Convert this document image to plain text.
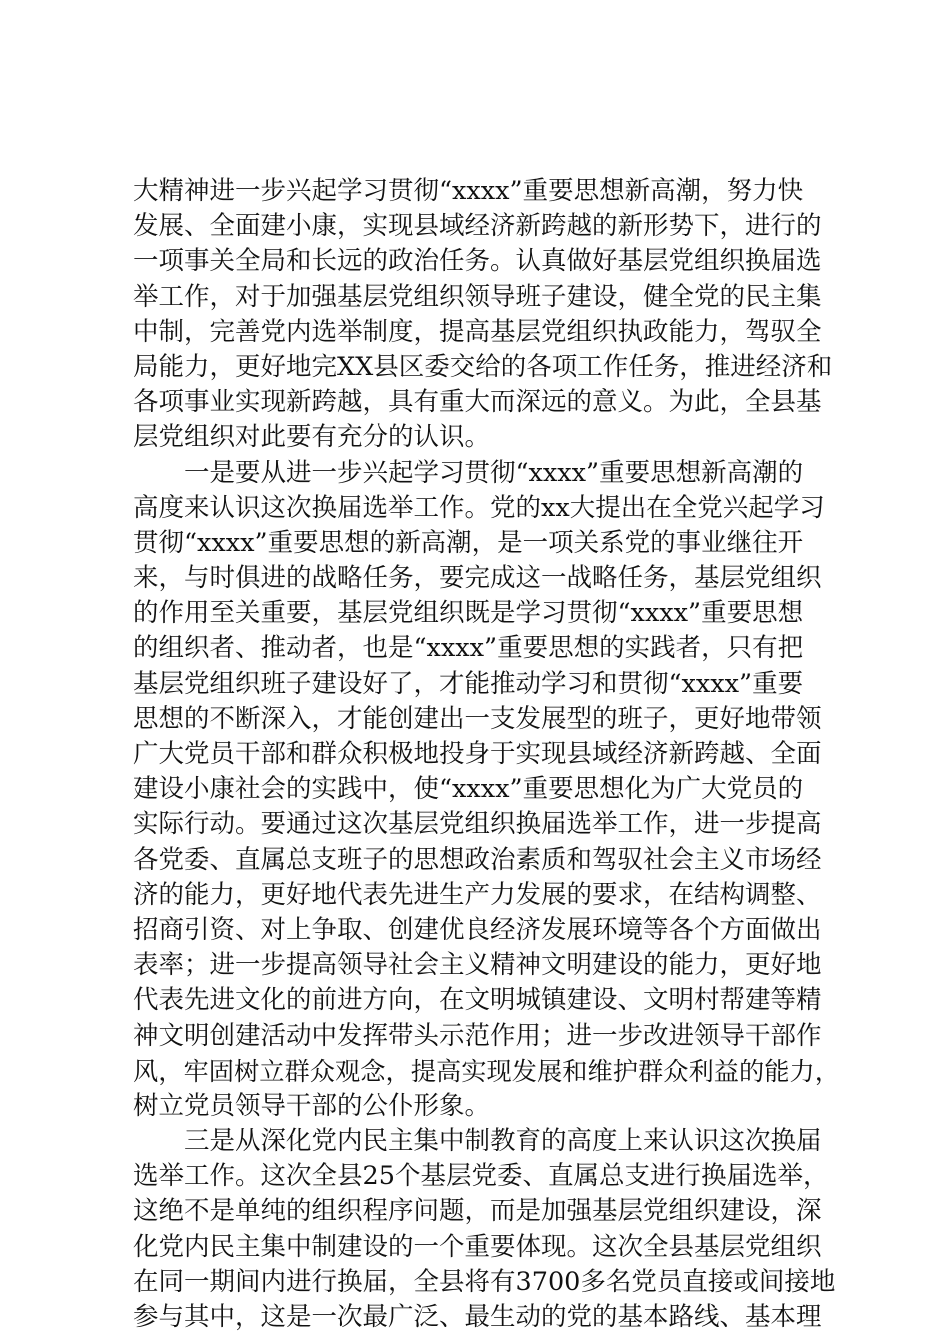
大精神进一步兴起学习贯彻“xxxx”重要思想新高潮，努力快
发展、全面建小康，实现县域经济新跨越的新形势下，进行的
一项事关全局和长远的政治任务。认真做好基层党组织换届选
举工作，对于加强基层党组织领导班子建设，健全党的民主集
中制，完善党内选举制度，提高基层党组织执政能力，驾驭全
局能力，更好地完XX县区委交给的各项工作任务，推进经济和
各项事业实现新跨越，具有重大而深远的意义。为此，全县基
层党组织对此要有充分的认识。
　　一是要从进一步兴起学习贯彻“xxxx”重要思想新高潮的
高度来认识这次换届选举工作。党的xx大提出在全党兴起学习
贯彻“xxxx”重要思想的新高潮，是一项关系党的事业继往开
来，与时俱进的战略任务，要完成这一战略任务，基层党组织
的作用至关重要，基层党组织既是学习贯彻“xxxx”重要思想
的组织者、推动者，也是“xxxx”重要思想的实践者，只有把
基层党组织班子建设好了，才能推动学习和贯彻“xxxx”重要
思想的不断深入，才能创建出一支发展型的班子，更好地带领
广大党员干部和群众积极地投身于实现县域经济新跨越、全面
建设小康社会的实践中，使“xxxx”重要思想化为广大党员的
实际行动。要通过这次基层党组织换届选举工作，进一步提高
各党委、直属总支班子的思想政治素质和驾驭社会主义市场经
济的能力，更好地代表先进生产力发展的要求，在结构调整、
招商引资、对上争取、创建优良经济发展环境等各个方面做出
表率；进一步提高领导社会主义精神文明建设的能力，更好地
代表先进文化的前进方向，在文明城镇建设、文明村帮建等精
神文明创建活动中发挥带头示范作用；进一步改进领导干部作
风，牢固树立群众观念，提高实现发展和维护群众利益的能力，
树立党员领导干部的公仆形象。
　　三是从深化党内民主集中制教育的高度上来认识这次换届
选举工作。这次全县25个基层党委、直属总支进行换届选举，
这绝不是单纯的组织程序问题，而是加强基层党组织建设，深
化党内民主集中制建设的一个重要体现。这次全县基层党组织
在同一期间内进行换届，全县将有3700多名党员直接或间接地
参与其中，这是一次最广泛、最生动的党的基本路线、基本理
